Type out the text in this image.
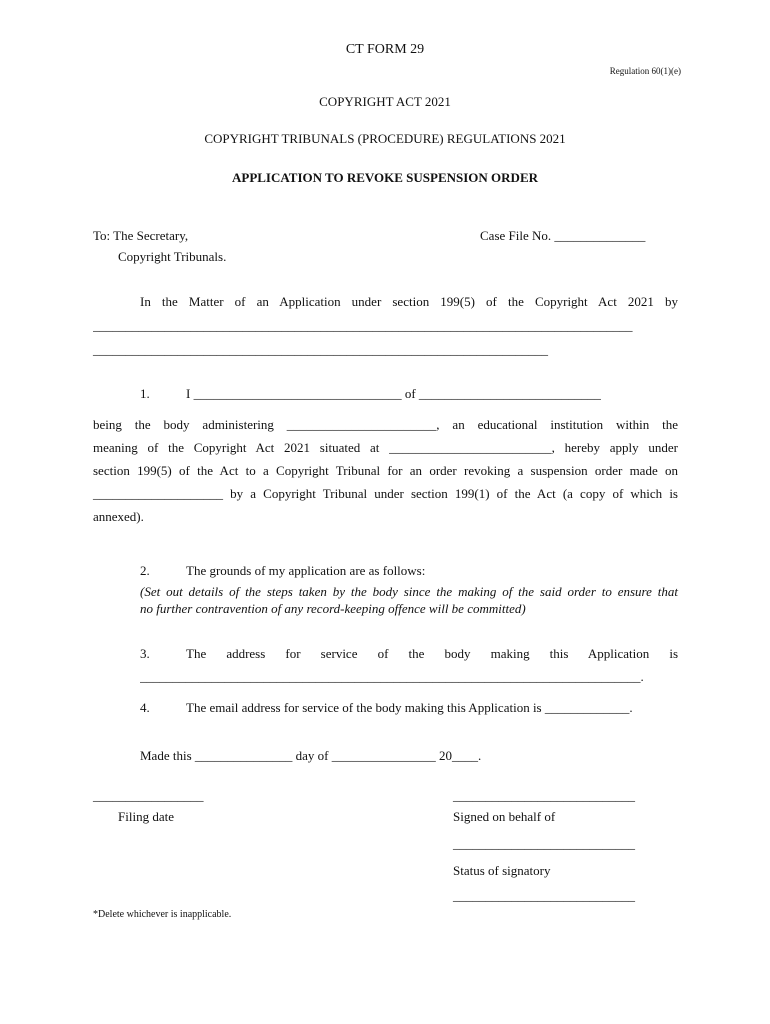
CT FORM 29
Regulation 60(1)(e)
COPYRIGHT ACT 2021
COPYRIGHT TRIBUNALS (PROCEDURE) REGULATIONS 2021
APPLICATION TO REVOKE SUSPENSION ORDER
To: The Secretary,
Copyright Tribunals.
Case File No. ______________
In the Matter of an Application under section 199(5) of the Copyright Act 2021 by
___________________________________________________________________________________
______________________________________________________________________
1.	I ________________________________ of ____________________________
being the body administering _______________________, an educational institution within the
meaning of the Copyright Act 2021 situated at _________________________, hereby apply under
section 199(5) of the Act to a Copyright Tribunal for an order revoking a suspension order made on
____________________ by a Copyright Tribunal under section 199(1) of the Act (a copy of which is
annexed).
2.	The grounds of my application are as follows:
(Set out details of the steps taken by the body since the making of the said order to ensure that
no further contravention of any record-keeping offence will be committed)
3.	The address for service of the body making this Application is
_____________________________________________________________________________.
4.	The email address for service of the body making this Application is _____________.
Made this _______________ day of ________________ 20____.
_________________
Filing date
____________________________
Signed on behalf of
____________________________
Status of signatory
____________________________
*Delete whichever is inapplicable.
